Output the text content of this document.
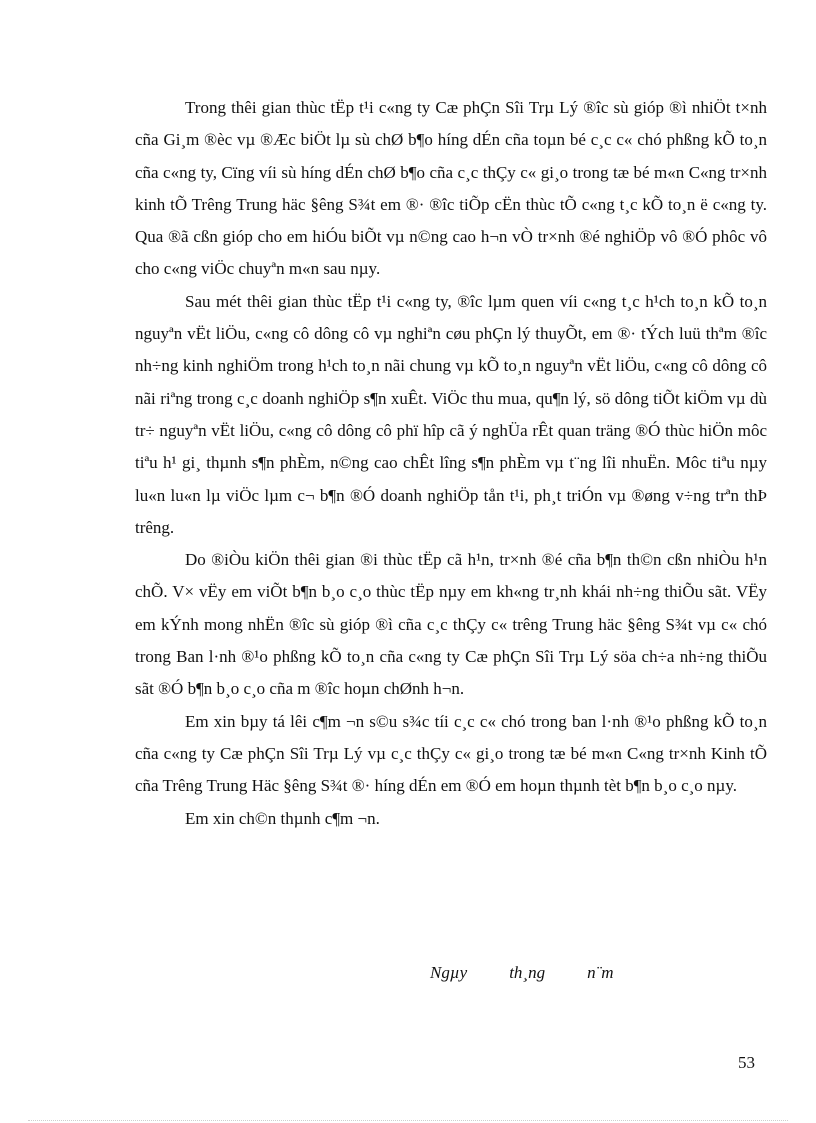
Trong thêi gian thùc tËp t¹i c«ng ty Cæ phÇn Sîi Trµ Lý ®îc sù gióp ®ì nhiÖt t×nh cña Gi¸m ®èc vµ ®Æc biÖt lµ sù chØ b¶o híng dÉn cña toµn bé c¸c c« chó phßng kÕ to¸n cña c«ng ty, Cïng víi sù híng dÉn chØ b¶o cña c¸c thÇy c« gi¸o trong tæ bé m«n C«ng tr×nh kinh tÕ Trêng Trung häc §êng S¾t em ®· ®îc tiÕp cËn thùc tÕ c«ng t¸c kÕ to¸n ë c«ng ty. Qua ®ã cßn gióp cho em hiÓu biÕt vµ n©ng cao h¬n vÒ tr×nh ®é nghiÖp vô ®Ó phôc vô cho c«ng viÖc chuyªn m«n sau nµy.

Sau mét thêi gian thùc tËp t¹i c«ng ty, ®îc lµm quen víi c«ng t¸c h¹ch to¸n kÕ to¸n nguyªn vËt liÖu, c«ng cô dông cô vµ nghiªn cøu phÇn lý thuyÕt, em ®· tÝch luü thªm ®îc nh÷ng kinh nghiÖm trong h¹ch to¸n nãi chung vµ kÕ to¸n nguyªn vËt liÖu, c«ng cô dông cô nãi riªng trong c¸c doanh nghiÖp s¶n xuÊt. ViÖc thu mua, qu¶n lý, sö dông tiÕt kiÖm vµ dù tr÷ nguyªn vËt liÖu, c«ng cô dông cô phï hîp cã ý nghÜa rÊt quan träng ®Ó thùc hiÖn môc tiªu h¹ gi¸ thµnh s¶n phÈm, n©ng cao chÊt lîng s¶n phÈm vµ t¨ng lîi nhuËn. Môc tiªu nµy lu«n lu«n lµ viÖc lµm c¬ b¶n ®Ó doanh nghiÖp tån t¹i, ph¸t triÓn vµ ®øng v÷ng trªn thÞ trêng.

Do ®iÒu kiÖn thêi gian ®i thùc tËp cã h¹n, tr×nh ®é cña b¶n th©n cßn nhiÒu h¹n chÕ. V× vËy em viÕt b¶n b¸o c¸o thùc tËp nµy em kh«ng tr¸nh khái nh÷ng thiÕu sãt. VËy em kÝnh mong nhËn ®îc sù gióp ®ì cña c¸c thÇy c« trêng Trung häc §êng S¾t vµ c« chó trong Ban l·nh ®¹o phßng kÕ to¸n cña c«ng ty Cæ phÇn Sîi Trµ Lý söa ch÷a nh÷ng thiÕu sãt ®Ó b¶n b¸o c¸o cña m ®îc hoµn chØnh h¬n.

Em xin bµy tá lêi c¶m ¬n s©u s¾c tíi c¸c c« chó trong ban l·nh ®¹o phßng kÕ to¸n cña c«ng ty Cæ phÇn Sîi Trµ Lý vµ c¸c thÇy c« gi¸o trong tæ bé m«n C«ng tr×nh Kinh tÕ cña Trêng Trung Häc §êng S¾t ®· híng dÉn em ®Ó em hoµn thµnh tèt b¶n b¸o c¸o nµy.

Em xin ch©n thµnh c¶m ¬n.

Ngµy th¸ng n¨m
53
